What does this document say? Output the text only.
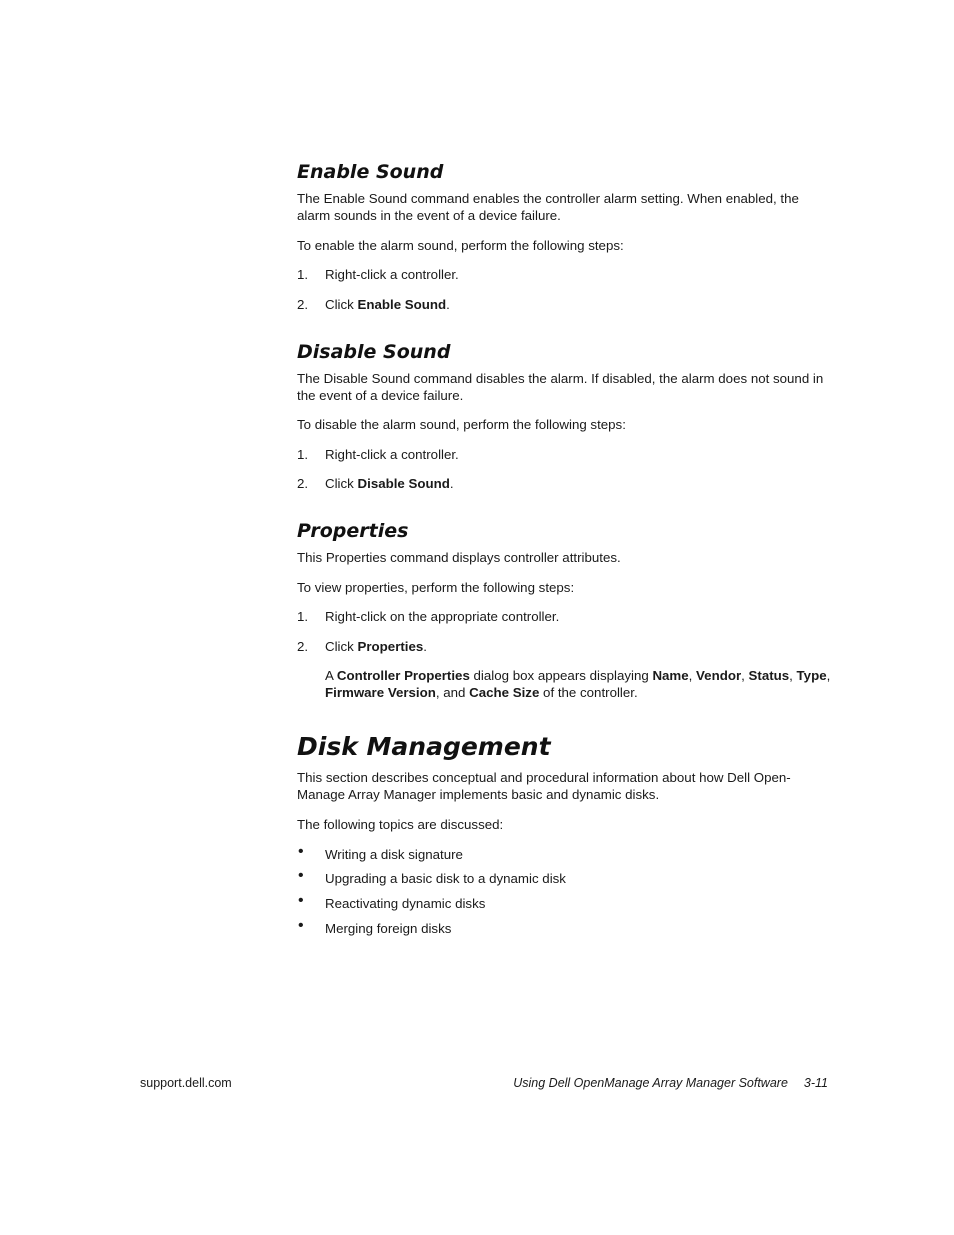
Enable Sound

The Enable Sound command enables the controller alarm setting. When enabled, the alarm sounds in the event of a device failure.

To enable the alarm sound, perform the following steps:

1. Right-click a controller.
2. Click Enable Sound.
Disable Sound

The Disable Sound command disables the alarm. If disabled, the alarm does not sound in the event of a device failure.

To disable the alarm sound, perform the following steps:

1. Right-click a controller.
2. Click Disable Sound.
Properties

This Properties command displays controller attributes.

To view properties, perform the following steps:

1. Right-click on the appropriate controller.
2. Click Properties.

A Controller Properties dialog box appears displaying Name, Vendor, Status, Type, Firmware Version, and Cache Size of the controller.

Disk Management

This section describes conceptual and procedural information about how Dell Open-Manage Array Manager implements basic and dynamic disks.

The following topics are discussed:

• Writing a disk signature
• Upgrading a basic disk to a dynamic disk
• Reactivating dynamic disks
• Merging foreign disks
support.dell.com	Using Dell OpenManage Array Manager Software 3-11
